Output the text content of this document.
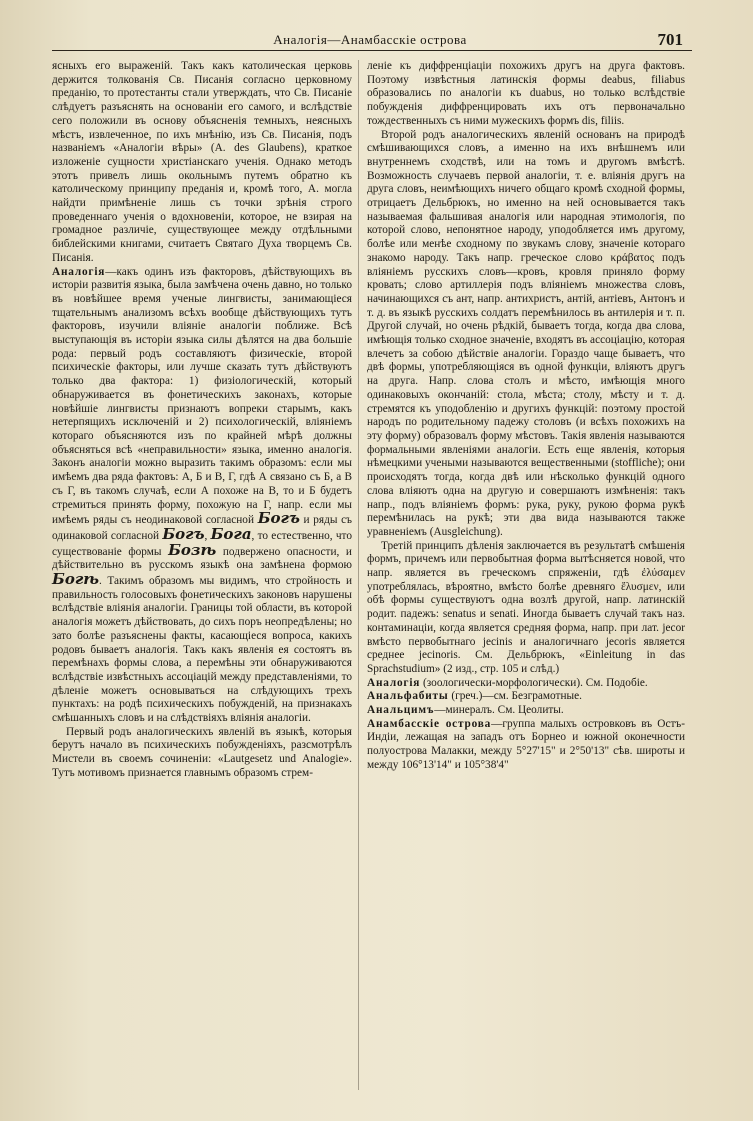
Аналогія—Анамбасскіе острова	701

ясныхъ его выраженій. Такъ какъ католическая церковь держится толкованія Св. Писанія согласно церковному преданію, то протестанты стали утверждать, что Св. Писаніе слѣдуетъ разъяснять на основаніи его самого, и вслѣдствіе сего положили въ основу объясненія темныхъ, неясныхъ мѣстъ, извлеченное, по ихъ мнѣнію, изъ Св. Писанія, подъ названіемъ «Аналогіи вѣры» (A. des Glaubens), краткое изложеніе сущности христіанскаго ученія. Однако методъ этотъ привелъ лишь окольнымъ путемъ обратно къ католическому принципу преданія и, кромѣ того, А. могла найдти примѣненіе лишь съ точки зрѣнія строго проведеннаго ученія о вдохновеніи, которое, не взирая на громадное различіе, существующее между отдѣльными библейскими книгами, считаетъ Святаго Духа творцемъ Св. Писанія.

Аналогія—какъ одинъ изъ факторовъ, дѣйствующихъ въ исторіи развитія языка, была замѣчена очень давно, но только въ новѣйшее время ученые лингвисты, занимающіеся тщательнымъ анализомъ всѣхъ вообще дѣйствующихъ тутъ факторовъ, изучили вліяніе аналогіи поближе. Всѣ выступающія въ исторіи языка силы дѣлятся на два большіе рода: первый родъ составляютъ физическіе, второй психическіе факторы, или лучше сказать тутъ дѣйствуютъ только два фактора: 1) физіологическій, который обнаруживается въ фонетическихъ законахъ, которые новѣйшіе лингвисты признаютъ вопреки старымъ, какъ нетерпящихъ исключеній и 2) психологическій, вліяніемъ котораго объясняются изъ по крайней мѣрѣ должны объясняться всѣ «неправильности» языка, именно аналогія. Законъ аналогіи можно выразить такимъ образомъ: если мы имѣемъ два ряда фактовъ: А, Б и В, Г, гдѣ А связано съ Б, а В съ Г, въ такомъ случаѣ, если А похоже на В, то и Б будетъ стремиться принять форму, похожую на Г, напр. если мы имѣемъ ряды съ неодинаковой согласной Богъ и ряды съ одинаковой согласной Богъ, Бога, то естественно, что существованіе формы Бозѣ подвержено опасности, и дѣйствительно въ русскомъ языкѣ она замѣнена формою Богѣ. Такимъ образомъ мы видимъ, что стройность и правильность голосовыхъ фонетическихъ законовъ нарушены вслѣдствіе вліянія аналогіи. Границы той области, въ которой аналогія можетъ дѣйствовать, до сихъ поръ неопредѣлены; но зато болѣе разъяснены факты, касающіеся вопроса, какихъ родовъ бываетъ аналогія. Такъ какъ явленія ея состоятъ въ перемѣнахъ формы слова, а перемѣны эти обнаруживаются вслѣдствіе извѣстныхъ ассоціацій между представленіями, то дѣленіе можетъ основываться на слѣдующихъ трехъ пунктахъ: на родѣ психическихъ побужденій, на признакахъ смѣшанныхъ словъ и на слѣдствіяхъ вліянія аналогіи.

Первый родъ аналогическихъ явленій въ языкѣ, которыя берутъ начало въ психическихъ побужденіяхъ, разсмотрѣлъ Мистели въ своемъ сочиненіи: «Lautgesetz und Analogie». Тутъ мотивомъ признается главнымъ образомъ стрем-

леніе къ диффренціаціи похожихъ другъ на друга фактовъ. Поэтому извѣстныя латинскія формы deabus, filiabus образовались по аналогіи къ duabus, но только вслѣдствіе побужденія диффренцировать ихъ отъ первоначально тождественныхъ съ ними мужескихъ формъ dis, filiis.

Второй родъ аналогическихъ явленій основанъ на природѣ смѣшивающихся словъ, а именно на ихъ внѣшнемъ или внутреннемъ сходствѣ, или на томъ и другомъ вмѣстѣ. Возможность случаевъ первой аналогіи, т. е. вліянія другъ на друга словъ, неимѣющихъ ничего общаго кромѣ сходной формы, отрицаетъ Дельбрюкъ, но именно на ней основывается такъ называемая фальшивая аналогія или народная этимологія, по которой слово, непонятное народу, уподобляется имъ другому, болѣе или менѣе сходному по звукамъ слову, значеніе котораго знакомо народу. Такъ напр. греческое слово κράβατος подъ вліяніемъ русскихъ словъ—кровъ, кровля приняло форму кровать; слово артиллерія подъ вліяніемъ множества словъ, начинающихся съ ант, напр. антихристъ, антій, антіевъ, Антонъ и т. д. въ языкѣ русскихъ солдатъ перемѣнилось въ антилерія и т. п. Другой случай, но очень рѣдкій, бываетъ тогда, когда два слова, имѣющія только сходное значеніе, входятъ въ ассоціацію, которая влечетъ за собою дѣйствіе аналогіи. Гораздо чаще бываетъ, что двѣ формы, употребляющіяся въ одной функціи, вліяютъ другъ на друга. Напр. слова столъ и мѣсто, имѣющія много одинаковыхъ окончаній: стола, мѣста; столу, мѣсту и т. д. стремятся къ уподобленію и другихъ функцій: поэтому простой народъ по родительному падежу столовъ (и всѣхъ похожихъ на эту форму) образовалъ форму мѣстовъ. Такія явленія называются формальными явленіями аналогіи. Есть еще явленія, которыя нѣмецкими учеными называются вещественными (stoffliche); они происходятъ тогда, когда двѣ или нѣсколько функцій одного слова вліяютъ одна на другую и совершаютъ измѣненія: такъ напр., подъ вліяніемъ формъ: рука, руку, рукою форма рукѣ перемѣнилась на рукѣ; эти два вида называются также уравненіемъ (Ausgleichung).

Третій принципъ дѣленія заключается въ результатѣ смѣшенія формъ, причемъ или первобытная форма вытѣсняется новой, что напр. является въ греческомъ спряженіи, гдѣ ἐλύσαμεν употреблялась, вѣроятно, вмѣсто болѣе древняго ἔλυσμεν, или обѣ формы существуютъ одна возлѣ другой, напр. латинскій родит. падежъ: senatus и senati. Иногда бываетъ случай такъ наз. контаминаціи, когда является средняя форма, напр. при лат. jecor вмѣсто первобытнаго jecinis и аналогичнаго jecoris является среднее jecinoris. См. Дельбрюкъ, «Einleitung in das Sprachstudium» (2 изд., стр. 105 и слѣд.)

Аналогія (зоологически-морфологически). См. Подобіе.

Анальфабиты (греч.)—см. Безграмотные.

Анальцимъ—минералъ. См. Цеолиты.

Анамбасскіе острова—группа малыхъ островковъ въ Остъ-Индіи, лежащая на западъ отъ Борнео и южной оконечности полуострова Малакки, между 5°27'15" и 2°50'13" сѣв. широты и между 106°13'14" и 105°38'4"
